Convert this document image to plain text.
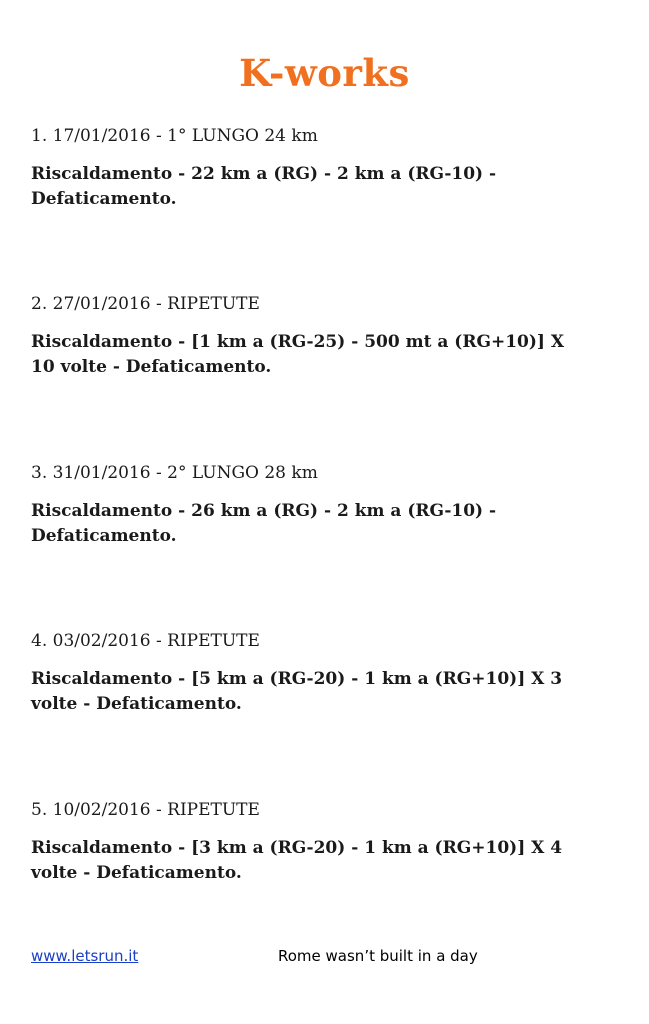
K-works

1. 17/01/2016 - 1° LUNGO 24 km

Riscaldamento - 22 km a (RG) - 2 km a (RG-10) -
Defaticamento.

2. 27/01/2016 - RIPETUTE

Riscaldamento - [1 km a (RG-25) - 500 mt a (RG+10)] X
10 volte - Defaticamento.

3. 31/01/2016 - 2° LUNGO 28 km

Riscaldamento - 26 km a (RG) - 2 km a (RG-10) -
Defaticamento.

4. 03/02/2016 - RIPETUTE

Riscaldamento - [5 km a (RG-20) - 1 km a (RG+10)] X 3
volte - Defaticamento.

5. 10/02/2016 - RIPETUTE

Riscaldamento - [3 km a (RG-20) - 1 km a (RG+10)] X 4
volte - Defaticamento.
www.letsrun.it	Rome wasn’t built in a day
